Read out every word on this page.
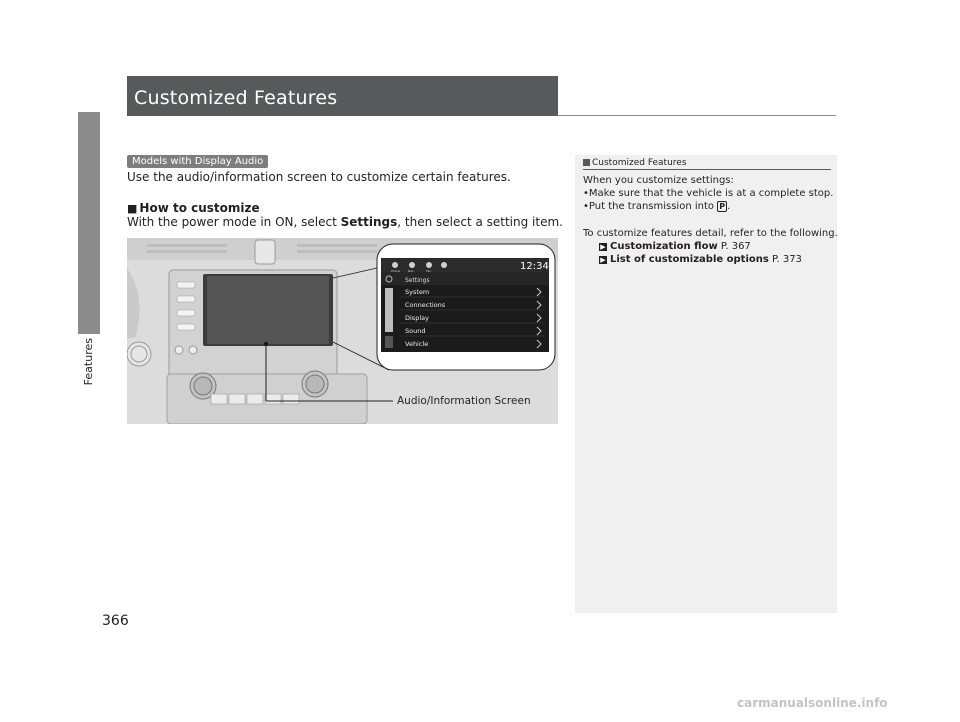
Features
Customized Features
Models with Display Audio
Use the audio/information screen to customize certain features.
■ How to customize
With the power mode in ON, select Settings, then select a setting item.
12:34
Phone	Nav	Fav
Settings
System
Connections
Display
Sound
Vehicle
Audio/Information Screen
Customized Features
When you customize settings:
•Make sure that the vehicle is at a complete stop.
•Put the transmission into P .
To customize features detail, refer to the following.
▶ Customization flow P. 367
▶ List of customizable options P. 373
366
carmanualsonline.info
